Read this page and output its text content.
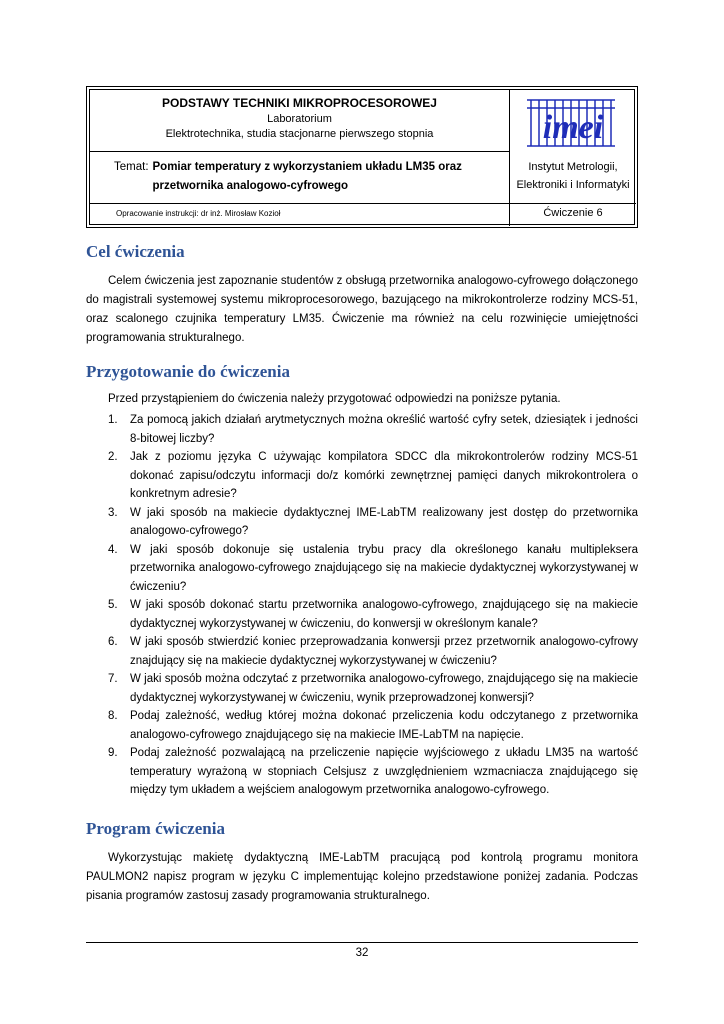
PODSTAWY TECHNIKI MIKROPROCESOROWEJ
Laboratorium
Elektrotechnika, studia stacjonarne pierwszego stopnia
Temat: Pomiar temperatury z wykorzystaniem układu LM35 oraz przetwornika analogowo-cyfrowego
Opracowanie instrukcji: dr inż. Mirosław Kozioł
imei
Instytut Metrologii,
Elektroniki i Informatyki
Ćwiczenie 6
Cel ćwiczenia

Celem ćwiczenia jest zapoznanie studentów z obsługą przetwornika analogowo-cyfrowego dołączonego do magistrali systemowej systemu mikroprocesorowego, bazującego na mikrokontrolerze rodziny MCS-51, oraz scalonego czujnika temperatury LM35. Ćwiczenie ma również na celu rozwinięcie umiejętności programowania strukturalnego.

Przygotowanie do ćwiczenia

Przed przystąpieniem do ćwiczenia należy przygotować odpowiedzi na poniższe pytania.

1.	Za pomocą jakich działań arytmetycznych można określić wartość cyfry setek, dziesiątek i jedności 8-bitowej liczby?
2.	Jak z poziomu języka C używając kompilatora SDCC dla mikrokontrolerów rodziny MCS-51 dokonać zapisu/odczytu informacji do/z komórki zewnętrznej pamięci danych mikrokontrolera o konkretnym adresie?
3.	W jaki sposób na makiecie dydaktycznej IME-LabTM realizowany jest dostęp do przetwornika analogowo-cyfrowego?
4.	W jaki sposób dokonuje się ustalenia trybu pracy dla określonego kanału multipleksera przetwornika analogowo-cyfrowego znajdującego się na makiecie dydaktycznej wykorzystywanej w ćwiczeniu?
5.	W jaki sposób dokonać startu przetwornika analogowo-cyfrowego, znajdującego się na makiecie dydaktycznej wykorzystywanej w ćwiczeniu, do konwersji w określonym kanale?
6.	W jaki sposób stwierdzić koniec przeprowadzania konwersji przez przetwornik analogowo-cyfrowy znajdujący się na makiecie dydaktycznej wykorzystywanej w ćwiczeniu?
7.	W jaki sposób można odczytać z przetwornika analogowo-cyfrowego, znajdującego się na makiecie dydaktycznej wykorzystywanej w ćwiczeniu, wynik przeprowadzonej konwersji?
8.	Podaj zależność, według której można dokonać przeliczenia kodu odczytanego z przetwornika analogowo-cyfrowego znajdującego się na makiecie IME-LabTM na napięcie.
9.	Podaj zależność pozwalającą na przeliczenie napięcie wyjściowego z układu LM35 na wartość temperatury wyrażoną w stopniach Celsjusz z uwzględnieniem wzmacniacza znajdującego się między tym układem a wejściem analogowym przetwornika analogowo-cyfrowego.
Program ćwiczenia

Wykorzystując makietę dydaktyczną IME-LabTM pracującą pod kontrolą programu monitora PAULMON2 napisz program w języku C implementując kolejno przedstawione poniżej zadania. Podczas pisania programów zastosuj zasady programowania strukturalnego.

32
